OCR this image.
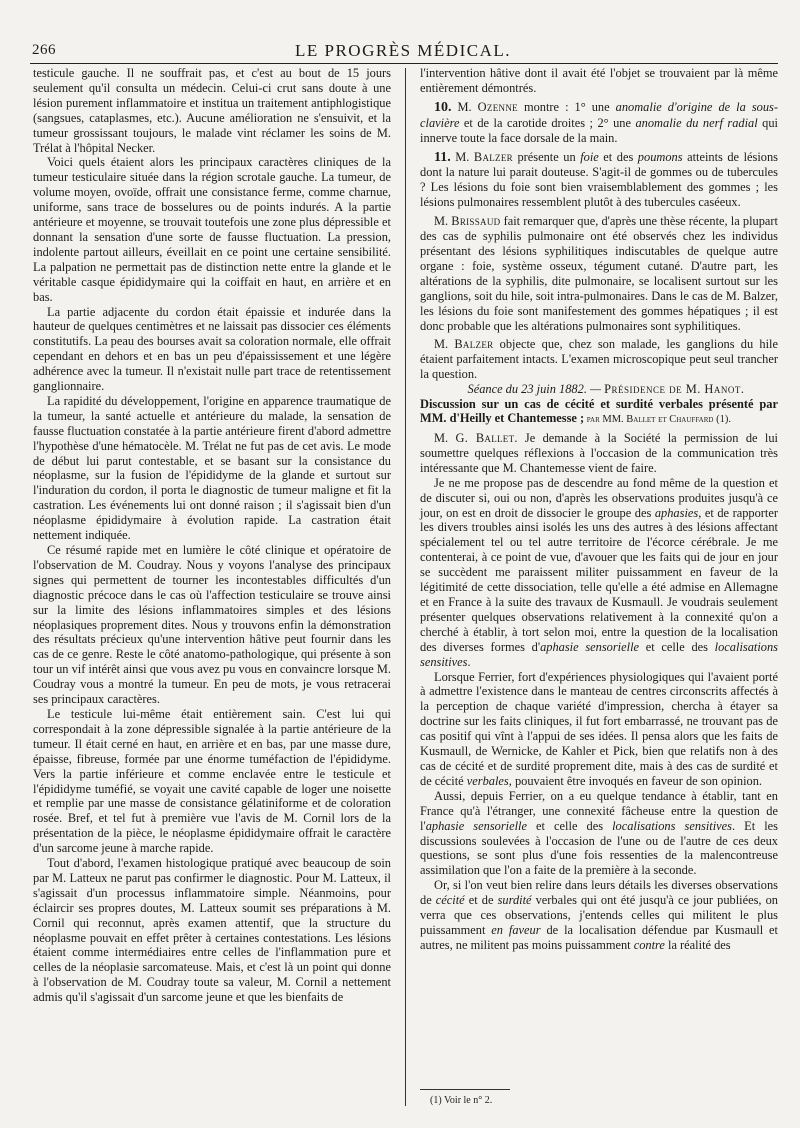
266	LE PROGRÈS MÉDICAL.

testicule gauche. Il ne souffrait pas, et c'est au bout de 15 jours seulement qu'il consulta un médecin. Celui-ci crut sans doute à une lésion purement inflammatoire et institua un traitement antiphlogistique (sangsues, cataplasmes, etc.). Aucune amélioration ne s'ensuivit, et la tumeur grossissant toujours, le malade vint réclamer les soins de M. Trélat à l'hôpital Necker.

Voici quels étaient alors les principaux caractères cliniques de la tumeur testiculaire située dans la région scrotale gauche. La tumeur, de volume moyen, ovoïde, offrait une consistance ferme, comme charnue, uniforme, sans trace de bosselures ou de points indurés. A la partie antérieure et moyenne, se trouvait toutefois une zone plus dépressible et donnant la sensation d'une sorte de fausse fluctuation. La pression, indolente partout ailleurs, éveillait en ce point une certaine sensibilité. La palpation ne permettait pas de distinction nette entre la glande et le véritable casque épididymaire qui la coiffait en haut, en arrière et en bas.

La partie adjacente du cordon était épaissie et indurée dans la hauteur de quelques centimètres et ne laissait pas dissocier ces éléments constitutifs. La peau des bourses avait sa coloration normale, elle offrait cependant en dehors et en bas un peu d'épaississement et une légère adhérence avec la tumeur. Il n'existait nulle part trace de retentissement ganglionnaire.

La rapidité du développement, l'origine en apparence traumatique de la tumeur, la santé actuelle et antérieure du malade, la sensation de fausse fluctuation constatée à la partie antérieure firent d'abord admettre l'hypothèse d'une hématocèle. M. Trélat ne fut pas de cet avis. Le mode de début lui parut contestable, et se basant sur la consistance du néoplasme, sur la fusion de l'épididyme de la glande et surtout sur l'induration du cordon, il porta le diagnostic de tumeur maligne et fit la castration. Les événements lui ont donné raison ; il s'agissait bien d'un néoplasme épididymaire à évolution rapide. La castration était nettement indiquée.

Ce résumé rapide met en lumière le côté clinique et opératoire de l'observation de M. Coudray. Nous y voyons l'analyse des principaux signes qui permettent de tourner les incontestables difficultés d'un diagnostic précoce dans le cas où l'affection testiculaire se trouve ainsi sur la limite des lésions inflammatoires simples et des lésions néoplasiques proprement dites. Nous y trouvons enfin la démonstration des résultats précieux qu'une intervention hâtive peut fournir dans les cas de ce genre. Reste le côté anatomo-pathologique, qui présente à son tour un vif intérêt ainsi que vous avez pu vous en convaincre lorsque M. Coudray vous a montré la tumeur. En peu de mots, je vous retracerai ses principaux caractères.

Le testicule lui-même était entièrement sain. C'est lui qui correspondait à la zone dépressible signalée à la partie antérieure de la tumeur. Il était cerné en haut, en arrière et en bas, par une masse dure, épaisse, fibreuse, formée par une énorme tuméfaction de l'épididyme. Vers la partie inférieure et comme enclavée entre le testicule et l'épididyme tuméfié, se voyait une cavité capable de loger une noisette et remplie par une masse de consistance gélatiniforme et de coloration rosée. Bref, et tel fut à première vue l'avis de M. Cornil lors de la présentation de la pièce, le néoplasme épididymaire offrait le caractère d'un sarcome jeune à marche rapide.

Tout d'abord, l'examen histologique pratiqué avec beaucoup de soin par M. Latteux ne parut pas confirmer le diagnostic. Pour M. Latteux, il s'agissait d'un processus inflammatoire simple. Néanmoins, pour éclaircir ses propres doutes, M. Latteux soumit ses préparations à M. Cornil qui reconnut, après examen attentif, que la structure du néoplasme pouvait en effet prêter à certaines contestations. Les lésions étaient comme intermédiaires entre celles de l'inflammation pure et celles de la néoplasie sarcomateuse. Mais, et c'est là un point qui donne à l'observation de M. Coudray toute sa valeur, M. Cornil a nettement admis qu'il s'agissait d'un sarcome jeune et que les bienfaits de

l'intervention hâtive dont il avait été l'objet se trouvaient par là même entièrement démontrés.

10. M. Ozenne montre : 1° une anomalie d'origine de la sous-clavière et de la carotide droites ; 2° une anomalie du nerf radial qui innerve toute la face dorsale de la main.

11. M. Balzer présente un foie et des poumons atteints de lésions dont la nature lui parait douteuse. S'agit-il de gommes ou de tubercules ? Les lésions du foie sont bien vraisemblablement des gommes ; les lésions pulmonaires ressemblent plutôt à des tubercules caséeux.

M. Brissaud fait remarquer que, d'après une thèse récente, la plupart des cas de syphilis pulmonaire ont été observés chez les individus présentant des lésions syphilitiques indiscutables de quelque autre organe : foie, système osseux, tégument cutané. D'autre part, les altérations de la syphilis, dite pulmonaire, se localisent surtout sur les ganglions, soit du hile, soit intra-pulmonaires. Dans le cas de M. Balzer, les lésions du foie sont manifestement des gommes hépatiques ; il est donc probable que les altérations pulmonaires sont syphilitiques.

M. Balzer objecte que, chez son malade, les ganglions du hile étaient parfaitement intacts. L'examen microscopique peut seul trancher la question.

Séance du 23 juin 1882. — Présidence de M. Hanot.

Discussion sur un cas de cécité et surdité verbales présenté par MM. d'Heilly et Chantemesse ; par MM. Ballet et Chauffard (1).

M. G. Ballet. Je demande à la Société la permission de lui soumettre quelques réflexions à l'occasion de la communication très intéressante que M. Chantemesse vient de faire.

Je ne me propose pas de descendre au fond même de la question et de discuter si, oui ou non, d'après les observations produites jusqu'à ce jour, on est en droit de dissocier le groupe des aphasies, et de rapporter les divers troubles ainsi isolés les uns des autres à des lésions affectant spécialement tel ou tel autre territoire de l'écorce cérébrale. Je me contenterai, à ce point de vue, d'avouer que les faits qui de jour en jour se succèdent me paraissent militer puissamment en faveur de la légitimité de cette dissociation, telle qu'elle a été admise en Allemagne et en France à la suite des travaux de Kusmaull. Je voudrais seulement présenter quelques observations relativement à la connexité qu'on a cherché à établir, à tort selon moi, entre la question de la localisation des diverses formes d'aphasie sensorielle et celle des localisations sensitives.

Lorsque Ferrier, fort d'expériences physiologiques qui l'avaient porté à admettre l'existence dans le manteau de centres circonscrits affectés à la perception de chaque variété d'impression, chercha à étayer sa doctrine sur les faits cliniques, il fut fort embarrassé, ne trouvant pas de cas positif qui vînt à l'appui de ses idées. Il pensa alors que les faits de Kusmaull, de Wernicke, de Kahler et Pick, bien que relatifs non à des cas de cécité et de surdité proprement dite, mais à des cas de surdité et de cécité verbales, pouvaient être invoqués en faveur de son opinion.

Aussi, depuis Ferrier, on a eu quelque tendance à établir, tant en France qu'à l'étranger, une connexité fâcheuse entre la question de l'aphasie sensorielle et celle des localisations sensitives. Et les discussions soulevées à l'occasion de l'une ou de l'autre de ces deux questions, se sont plus d'une fois ressenties de la malencontreuse assimilation que l'on a faite de la première à la seconde.

Or, si l'on veut bien relire dans leurs détails les diverses observations de cécité et de surdité verbales qui ont été jusqu'à ce jour publiées, on verra que ces observations, j'entends celles qui militent le plus puissamment en faveur de la localisation défendue par Kusmaull et autres, ne militent pas moins puissamment contre la réalité des

(1) Voir le n° 2.
